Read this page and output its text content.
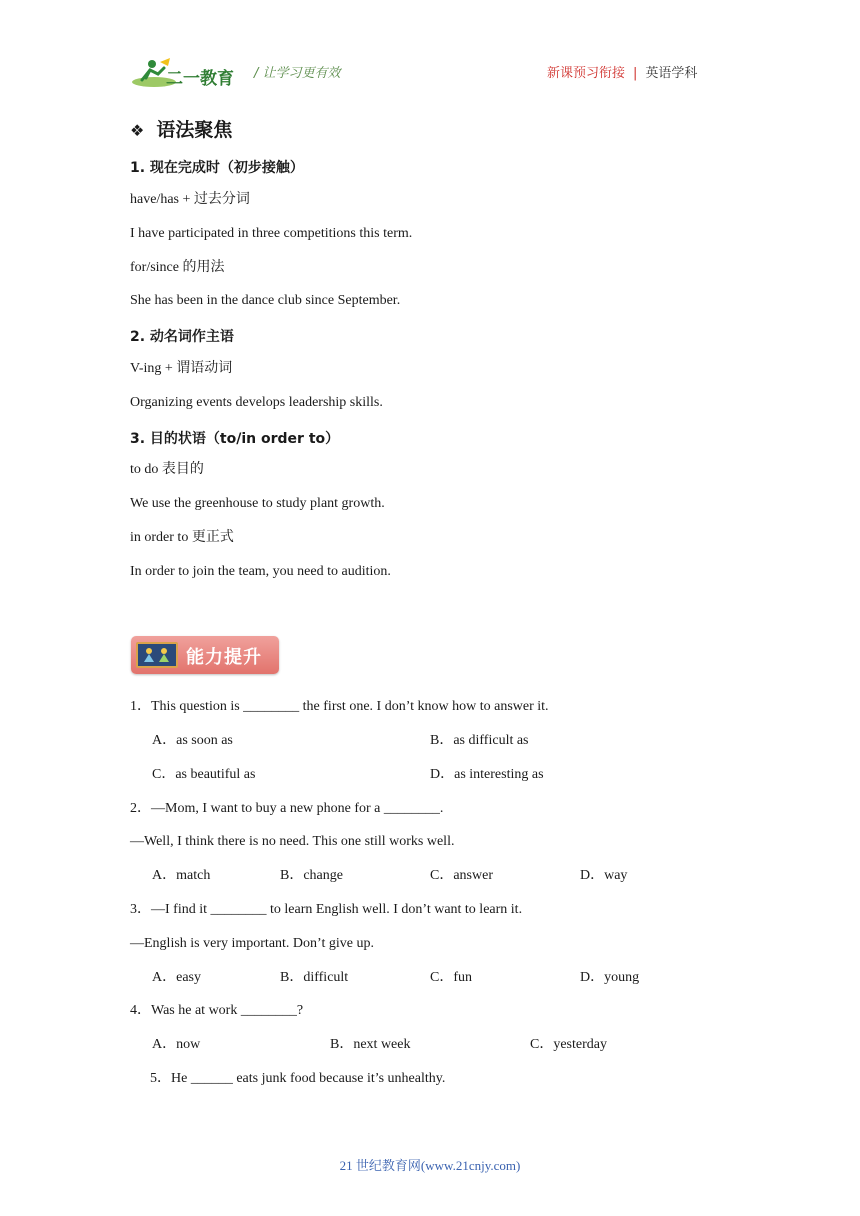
二一教育 / 让学习更有效	新课预习衔接 | 英语学科
❖ 语法聚焦
1. 现在完成时（初步接触）
have/has + 过去分词
I have participated in three competitions this term.
for/since 的用法
She has been in the dance club since September.
2. 动名词作主语
V-ing + 谓语动词
Organizing events develops leadership skills.
3. 目的状语（to/in order to）
to do 表目的
We use the greenhouse to study plant growth.
in order to 更正式
In order to join the team, you need to audition.
能力提升
1．This question is ________ the first one. I don’t know how to answer it.
A．as soon as	B．as difficult as
C．as beautiful as	D．as interesting as
2．—Mom, I want to buy a new phone for a ________.
—Well, I think there is no need. This one still works well.
A．match	B．change	C．answer	D．way
3．—I find it ________ to learn English well. I don’t want to learn it.
—English is very important. Don’t give up.
A．easy	B．difficult	C．fun	D．young
4．Was he at work ________?
A．now	B．next week	C．yesterday
5．He ______ eats junk food because it’s unhealthy.
21 世纪教育网(www.21cnjy.com)
